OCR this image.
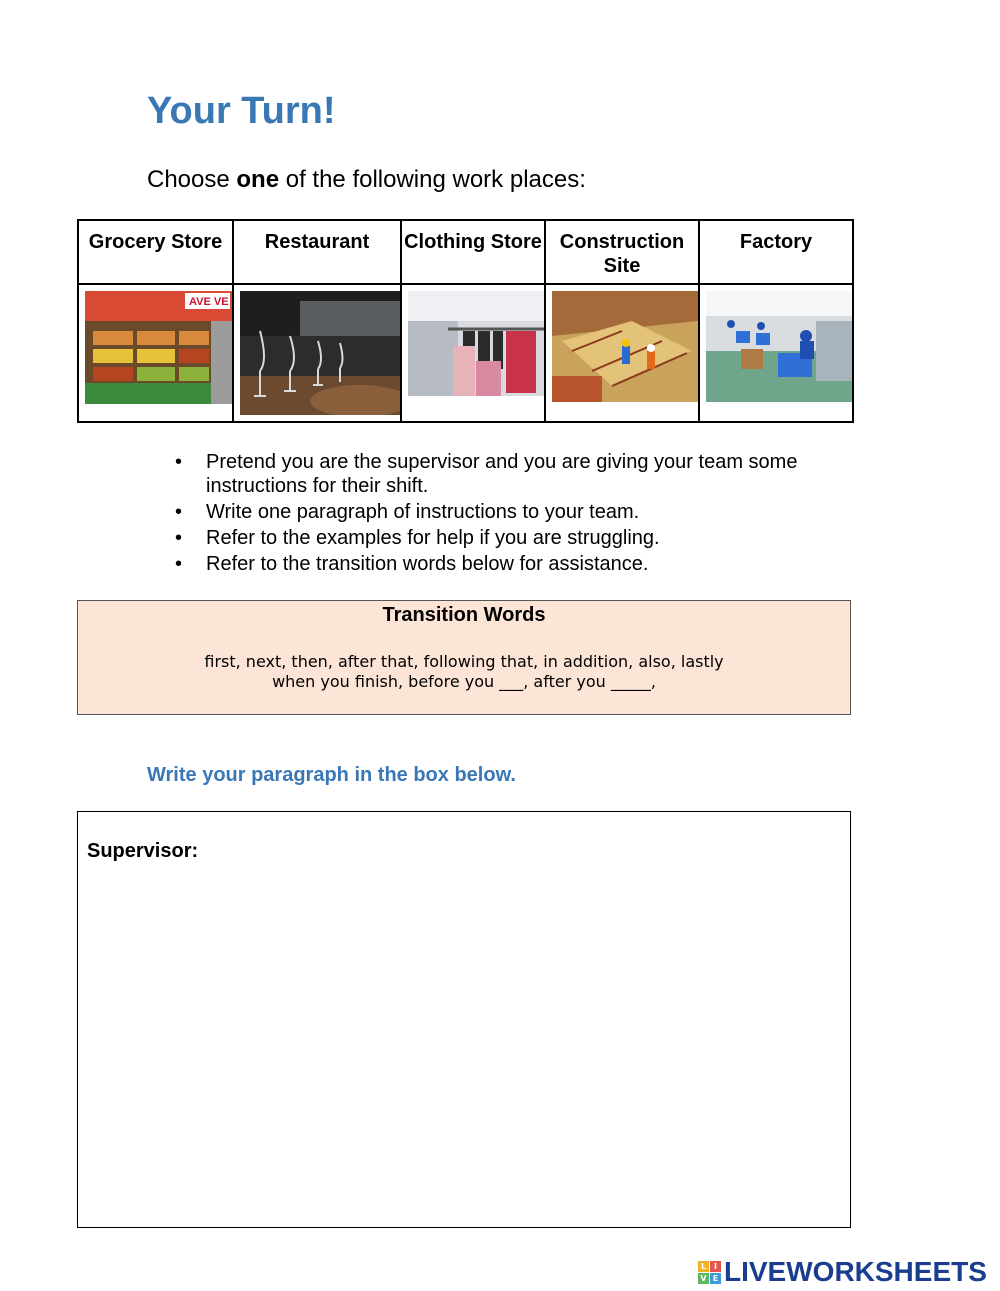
Your Turn!
Choose one of the following work places:
Grocery Store	Restaurant	Clothing Store	Construction Site	Factory

AVE VE

• Pretend you are the supervisor and you are giving your team some instructions for their shift.
• Write one paragraph of instructions to your team.
• Refer to the examples for help if you are struggling.
• Refer to the transition words below for assistance.
Transition Words
first, next, then, after that, following that, in addition, also, lastly
when you finish, before you ___, after you _____,
Write your paragraph in the box below.
Supervisor:
L I
V E LIVEWORKSHEETS
